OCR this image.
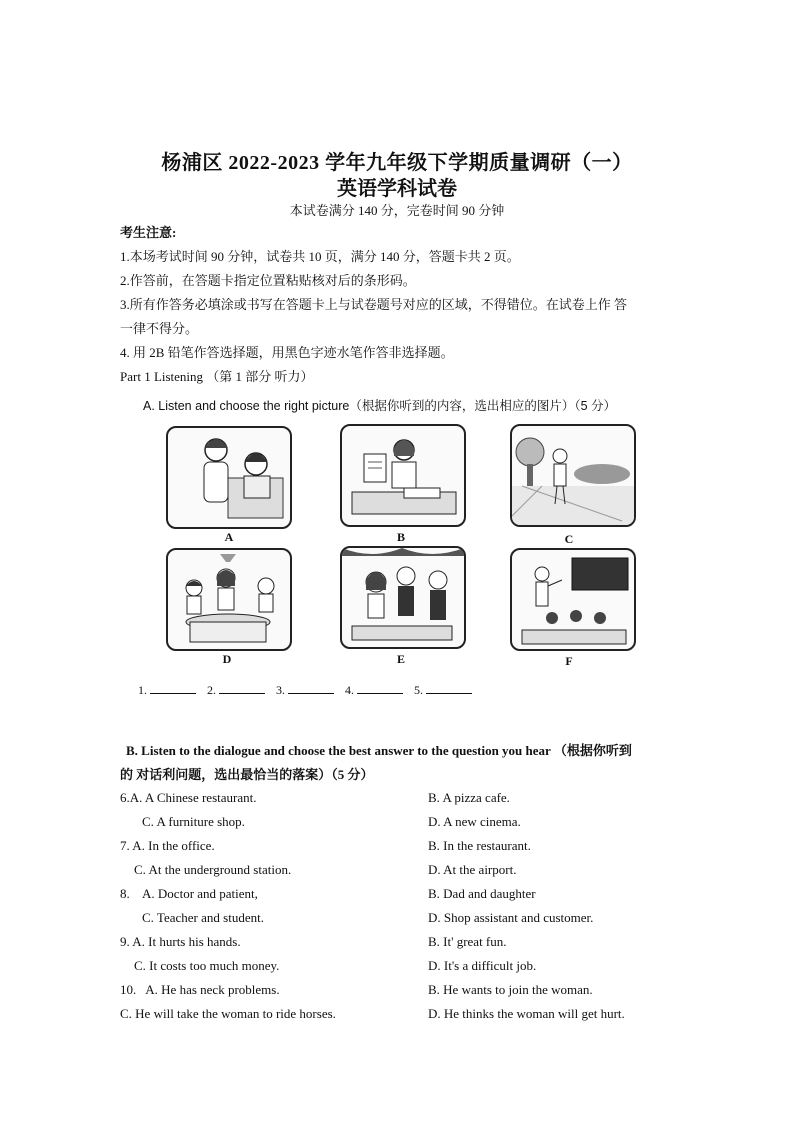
杨浦区 2022-2023 学年九年级下学期质量调研（一）
英语学科试卷
本试卷满分 140 分，完卷时间 90 分钟
考生注意:
1.本场考试时间 90 分钟，试卷共 10 页，满分 140 分，答题卡共 2 页。
2.作答前，在答题卡指定位置粘贴核对后的条形码。
3.所有作答务必填涂或书写在答题卡上与试卷题号对应的区域，不得错位。在试卷上作 答
一律不得分。
4. 用 2B 铅笔作答选择题，用黑色字迹水笔作答非选择题。
Part 1 Listening （第 1 部分 听力）
A. Listen and choose the right picture（根据你听到的内容，选出相应的图片）（5 分）
A	B	C
D	E	F
1.	2.	3.	4.	5.
B. Listen to the dialogue and choose the best answer to the question you hear （根据你听到
的 对话利问题，选出最恰当的落案）（5 分）
6.A. A Chinese restaurant.	B. A pizza cafe.
C. A furniture shop.	D. A new cinema.
7. A. In the office.	B. In the restaurant.
C. At the underground station.	D. At the airport.
8.    A. Doctor and patient,	B. Dad and daughter
C. Teacher and student.	D. Shop assistant and customer.
9. A. It hurts his hands.	B. It' great fun.
C. It costs too much money.	D. It's a difficult job.
10.   A. He has neck problems.	B. He wants to join the woman.
C. He will take the woman to ride horses.	D. He thinks the woman will get hurt.
